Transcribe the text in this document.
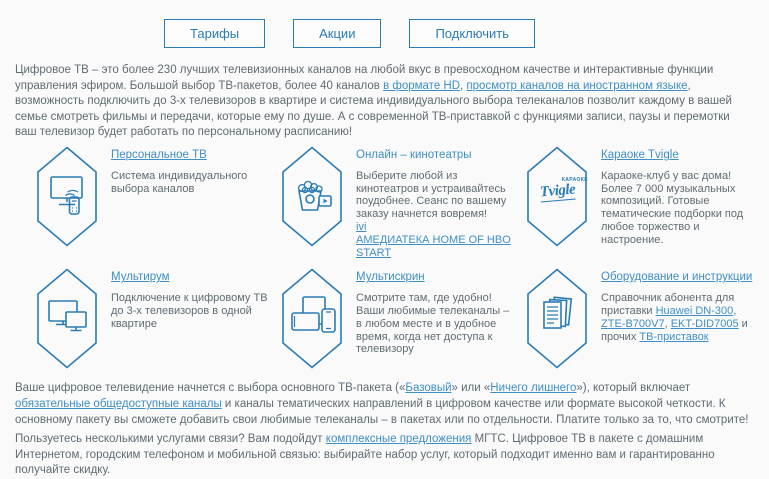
Тарифы	Акции	Подключить

Цифровое ТВ – это более 230 лучших телевизионных каналов на любой вкус в превосходном качестве и интерактивные функции управления эфиром. Большой выбор ТВ-пакетов, более 40 каналов в формате HD, просмотр каналов на иностранном языке, возможность подключить до 3-х телевизоров в квартире и система индивидуального выбора телеканалов позволит каждому в вашей семье смотреть фильмы и передачи, которые ему по душе. А с современной ТВ-приставкой с функциями записи, паузы и перемотки ваш телевизор будет работать по персональному расписанию!

Персональное ТВ
Система индивидуального выбора каналов
Онлайн – кинотеатры
Выберите любой из кинотеатров и устраивайтесь поудобнее. Сеанс по вашему заказу начнется вовремя!
ivi
АМЕДИАТЕКА HOME OF HBO START
Tvigle
КАРАОКЕ
Караоке Tvigle
Караоке-клуб у вас дома! Более 7 000 музыкальных композиций. Готовые тематические подборки под любое торжество и настроение.
Мультирум
Подключение к цифровому ТВ до 3-х телевизоров в одной квартире
Мультискрин
Смотрите там, где удобно! Ваши любимые телеканалы – в любом месте и в удобное время, когда нет доступа к телевизору
Оборудование и инструкции
Справочник абонента для приставки Huawei DN-300, ZTE-B700V7, EKT-DID7005 и прочих ТВ-приставок

Ваше цифровое телевидение начнется с выбора основного ТВ-пакета («Базовый» или «Ничего лишнего»), который включает обязательные общедоступные каналы и каналы тематических направлений в цифровом качестве или формате высокой четкости. К основному пакету вы сможете добавить свои любимые телеканалы – в пакетах или по отдельности. Платите только за то, что смотрите!

Пользуетесь несколькими услугами связи? Вам подойдут комплексные предложения МГТС. Цифровое ТВ в пакете с домашним Интернетом, городским телефоном и мобильной связью: выбирайте набор услуг, который подходит именно вам и гарантированно получайте скидку.
